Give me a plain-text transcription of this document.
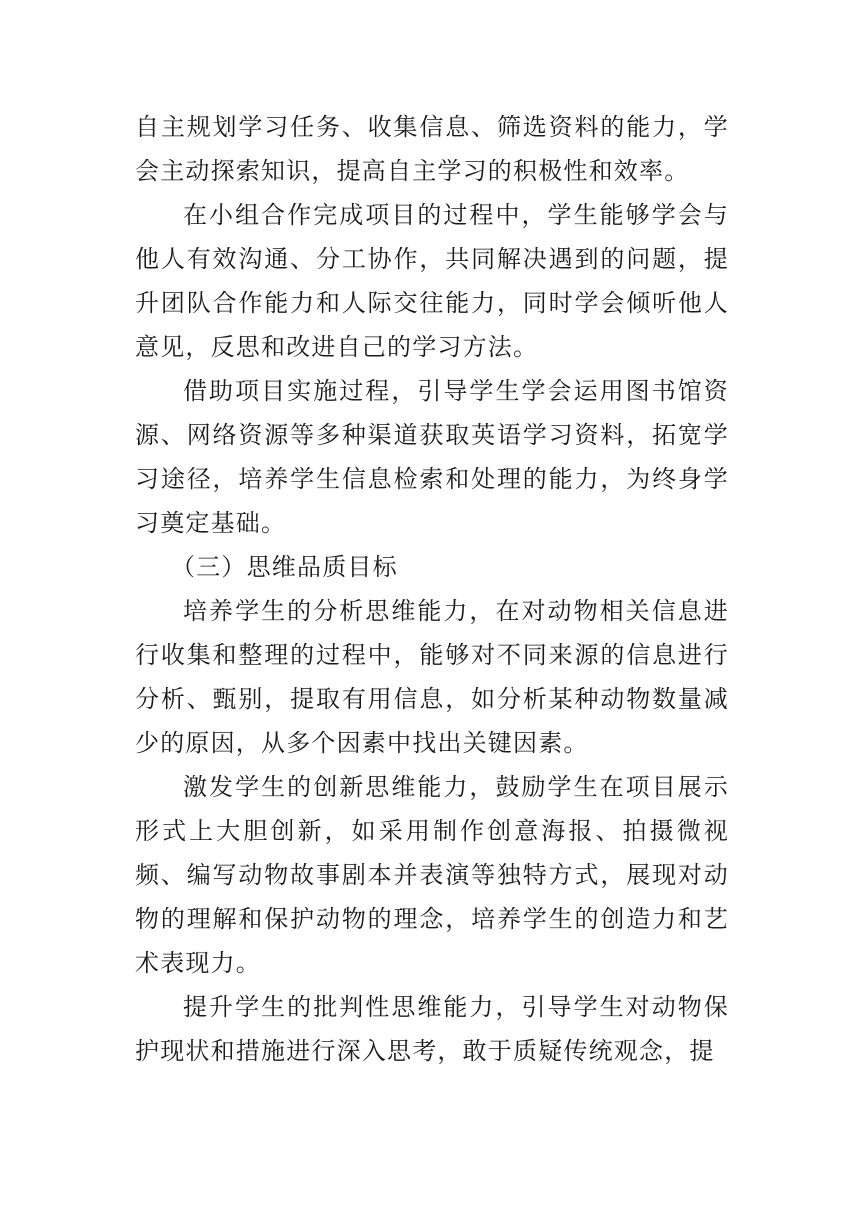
自主规划学习任务、收集信息、筛选资料的能力，学会主动探索知识，提高自主学习的积极性和效率。

在小组合作完成项目的过程中，学生能够学会与他人有效沟通、分工协作，共同解决遇到的问题，提升团队合作能力和人际交往能力，同时学会倾听他人意见，反思和改进自己的学习方法。

借助项目实施过程，引导学生学会运用图书馆资源、网络资源等多种渠道获取英语学习资料，拓宽学习途径，培养学生信息检索和处理的能力，为终身学习奠定基础。

（三）思维品质目标

培养学生的分析思维能力，在对动物相关信息进行收集和整理的过程中，能够对不同来源的信息进行分析、甄别，提取有用信息，如分析某种动物数量减少的原因，从多个因素中找出关键因素。

激发学生的创新思维能力，鼓励学生在项目展示形式上大胆创新，如采用制作创意海报、拍摄微视频、编写动物故事剧本并表演等独特方式，展现对动物的理解和保护动物的理念，培养学生的创造力和艺术表现力。

提升学生的批判性思维能力，引导学生对动物保护现状和措施进行深入思考，敢于质疑传统观念，提
